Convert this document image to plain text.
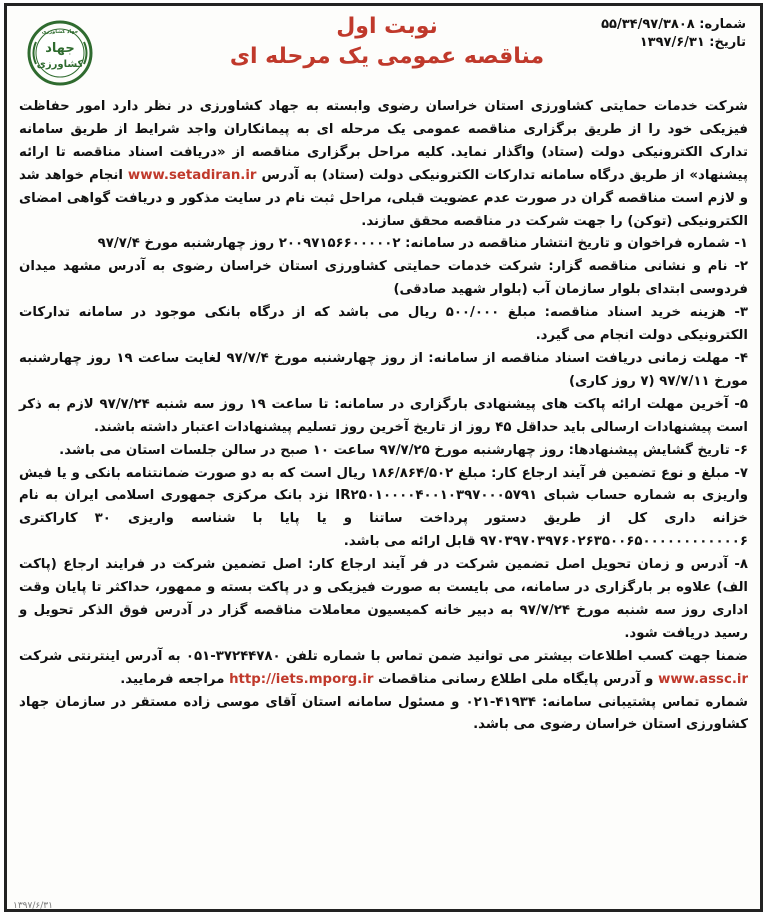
جهاد کشاورزی
جهاد
کشاورزی
نوبت اول
مناقصه عمومی یک مرحله ای
شماره: ۵۵/۳۴/۹۷/۳۸۰۸
تاریخ: ۱۳۹۷/۶/۳۱

شرکت خدمات حمایتی کشاورزی استان خراسان رضوی وابسته به جهاد کشاورزی در نظر دارد امور حفاظت فیزیکی خود را از طریق برگزاری مناقصه عمومی یک مرحله ای به پیمانکاران واجد شرایط از طریق سامانه تدارک الکترونیکی دولت (ستاد) واگذار نماید. کلیه مراحل برگزاری مناقصه از «دریافت اسناد مناقصه تا ارائه پیشنهاد» از طریق درگاه سامانه تدارکات الکترونیکی دولت (ستاد) به آدرس www.setadiran.ir انجام خواهد شد و لازم است مناقصه گران در صورت عدم عضویت قبلی، مراحل ثبت نام در سایت مذکور و دریافت گواهی امضای الکترونیکی (توکن) را جهت شرکت در مناقصه محقق سازند.

۱- شماره فراخوان و تاریخ انتشار مناقصه در سامانه: ۲۰۰۹۷۱۵۶۶۰۰۰۰۰۲ روز چهارشنبه مورخ ۹۷/۷/۴

۲- نام و نشانی مناقصه گزار: شرکت خدمات حمایتی کشاورزی استان خراسان رضوی به آدرس مشهد میدان فردوسی ابتدای بلوار سازمان آب (بلوار شهید صادقی)

۳- هزینه خرید اسناد مناقصه: مبلغ ۵۰۰/۰۰۰ ریال می باشد که از درگاه بانکی موجود در سامانه تدارکات الکترونیکی دولت انجام می گیرد.

۴- مهلت زمانی دریافت اسناد مناقصه از سامانه: از روز چهارشنبه مورخ ۹۷/۷/۴ لغایت ساعت ۱۹ روز چهارشنبه مورخ ۹۷/۷/۱۱ (۷ روز کاری)

۵- آخرین مهلت ارائه پاکت های پیشنهادی بارگزاری در سامانه: تا ساعت ۱۹ روز سه شنبه ۹۷/۷/۲۴ لازم به ذکر است پیشنهادات ارسالی باید حداقل ۴۵ روز از تاریخ آخرین روز تسلیم پیشنهادات اعتبار داشته باشند.

۶- تاریخ گشایش پیشنهادها: روز چهارشنبه مورخ ۹۷/۷/۲۵ ساعت ۱۰ صبح در سالن جلسات استان می باشد.

۷- مبلغ و نوع تضمین فر آیند ارجاع کار: مبلغ ۱۸۶/۸۶۴/۵۰۲ ریال است که به دو صورت ضمانتنامه بانکی و یا فیش واریزی به شماره حساب شبای IR۲۵۰۱۰۰۰۰۴۰۰۱۰۳۹۷۰۰۰۵۷۹۱ نزد بانک مرکزی جمهوری اسلامی ایران به نام خزانه داری کل از طریق دستور پرداخت ساتنا و یا پایا با شناسه واریزی ۳۰ کاراکتری ۹۷۰۳۹۷۰۳۹۷۶۰۲۶۳۵۰۰۶۵۰۰۰۰۰۰۰۰۰۰۰۰۶ قابل ارائه می باشد.

۸- آدرس و زمان تحویل اصل تضمین شرکت در فر آیند ارجاع کار: اصل تضمین شرکت در فرایند ارجاع (پاکت الف) علاوه بر بارگزاری در سامانه، می بایست به صورت فیزیکی و در پاکت بسته و ممهور، حداکثر تا پایان وقت اداری روز سه شنبه مورخ ۹۷/۷/۲۴ به دبیر خانه کمیسیون معاملات مناقصه گزار در آدرس فوق الذکر تحویل و رسید دریافت شود.

ضمنا جهت کسب اطلاعات بیشتر می توانید ضمن تماس با شماره تلفن ۳۷۲۴۴۷۸۰-۰۵۱ به آدرس اینترنتی شرکت www.assc.ir و آدرس پایگاه ملی اطلاع رسانی مناقصات http://iets.mporg.ir مراجعه فرمایید.

شماره تماس پشتیبانی سامانه: ۴۱۹۳۴-۰۲۱ و مسئول سامانه استان آقای موسی زاده مستقر در سازمان جهاد کشاورزی استان خراسان رضوی می باشد.

۱۳۹۷/۶/۳۱
